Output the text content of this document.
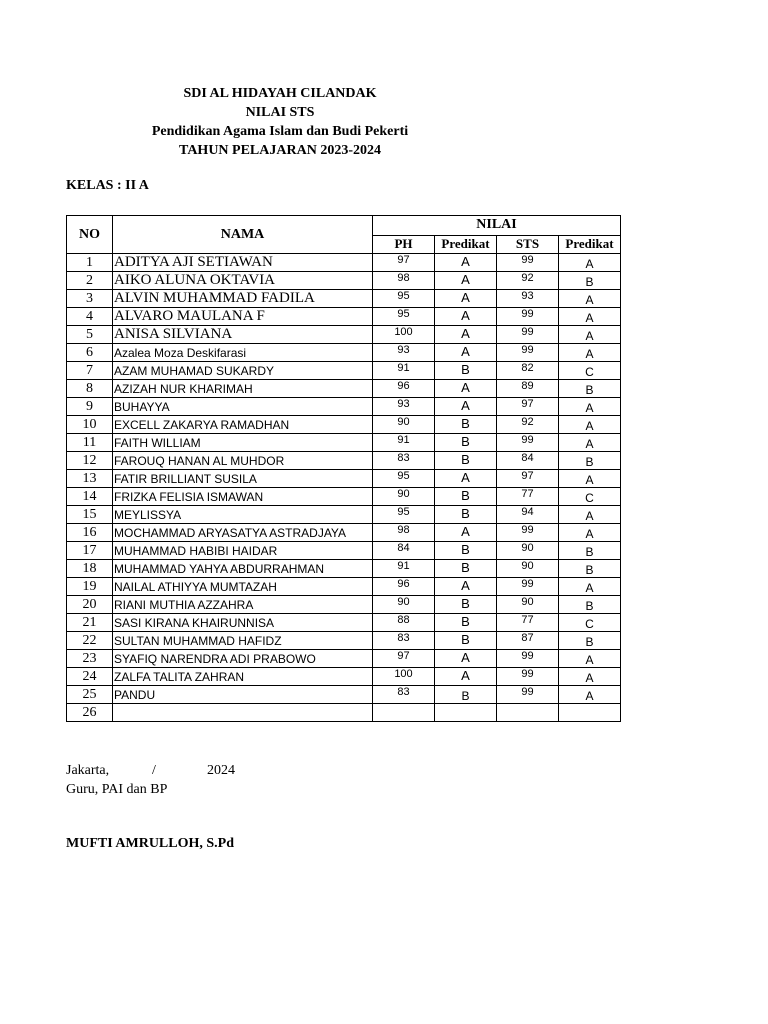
SDI AL HIDAYAH CILANDAK
NILAI STS
Pendidikan Agama Islam dan Budi Pekerti
TAHUN PELAJARAN 2023-2024
KELAS : II A
NO	NAMA	NILAI			
		PH	Predikat	STS	Predikat
1	ADITYA AJI SETIAWAN	97	A	99	A
2	AIKO ALUNA OKTAVIA	98	A	92	B
3	ALVIN MUHAMMAD FADILA	95	A	93	A
4	ALVARO MAULANA F	95	A	99	A
5	ANISA SILVIANA	100	A	99	A
6	Azalea Moza Deskifarasi	93	A	99	A
7	AZAM MUHAMAD SUKARDY	91	B	82	C
8	AZIZAH NUR KHARIMAH	96	A	89	B
9	BUHAYYA	93	A	97	A
10	EXCELL ZAKARYA RAMADHAN	90	B	92	A
11	FAITH WILLIAM	91	B	99	A
12	FAROUQ HANAN AL MUHDOR	83	B	84	B
13	FATIR BRILLIANT SUSILA	95	A	97	A
14	FRIZKA FELISIA ISMAWAN	90	B	77	C
15	MEYLISSYA	95	B	94	A
16	MOCHAMMAD ARYASATYA ASTRADJAYA	98	A	99	A
17	MUHAMMAD HABIBI HAIDAR	84	B	90	B
18	MUHAMMAD YAHYA ABDURRAHMAN	91	B	90	B
19	NAILAL ATHIYYA MUMTAZAH	96	A	99	A
20	RIANI MUTHIA AZZAHRA	90	B	90	B
21	SASI KIRANA KHAIRUNNISA	88	B	77	C
22	SULTAN MUHAMMAD HAFIDZ	83	B	87	B
23	SYAFIQ NARENDRA ADI PRABOWO	97	A	99	A
24	ZALFA TALITA ZAHRAN	100	A	99	A
25	PANDU	83	B	99	A
26					
Jakarta,	/	2024
Guru, PAI dan BP
MUFTI AMRULLOH, S.Pd
